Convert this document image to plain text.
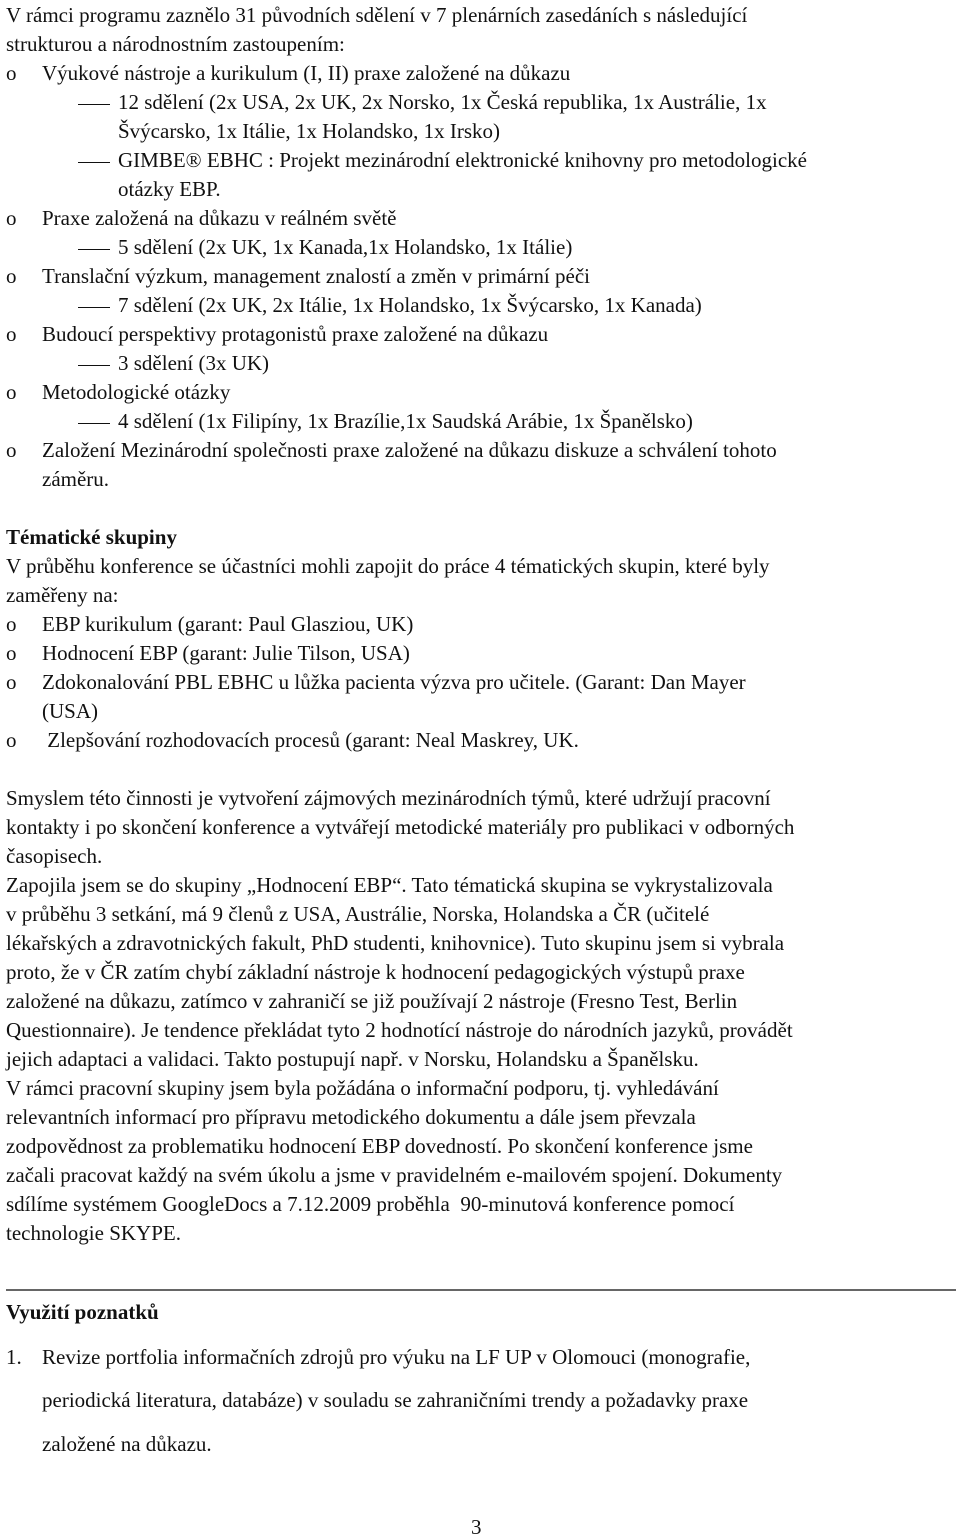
V rámci programu zaznělo 31 původních sdělení v 7 plenárních zasedáních s následující
strukturou a národnostním zastoupením:
o Výukové nástroje a kurikulum (I, II) praxe založené na důkazu
12 sdělení (2x USA, 2x UK, 2x Norsko, 1x Česká republika, 1x Austrálie, 1x
Švýcarsko, 1x Itálie, 1x Holandsko, 1x Irsko)
GIMBE® EBHC : Projekt mezinárodní elektronické knihovny pro metodologické
otázky EBP.
o Praxe založená na důkazu v reálném světě
5 sdělení (2x UK, 1x Kanada,1x Holandsko, 1x Itálie)
o Translační výzkum, management znalostí a změn v primární péči
7 sdělení (2x UK, 2x Itálie, 1x Holandsko, 1x Švýcarsko, 1x Kanada)
o Budoucí perspektivy protagonistů praxe založené na důkazu
3 sdělení (3x UK)
o Metodologické otázky
4 sdělení (1x Filipíny, 1x Brazílie,1x Saudská Arábie, 1x Španělsko)
o Založení Mezinárodní společnosti praxe založené na důkazu diskuze a schválení tohoto
záměru.
Tématické skupiny
V průběhu konference se účastníci mohli zapojit do práce 4 tématických skupin, které byly
zaměřeny na:
o EBP kurikulum (garant: Paul Glasziou, UK)
o Hodnocení EBP (garant: Julie Tilson, USA)
o Zdokonalování PBL EBHC u lůžka pacienta výzva pro učitele. (Garant: Dan Mayer
(USA)
o Zlepšování rozhodovacích procesů (garant: Neal Maskrey, UK.
Smyslem této činnosti je vytvoření zájmových mezinárodních týmů, které udržují pracovní
kontakty i po skončení konference a vytvářejí metodické materiály pro publikaci v odborných
časopisech.
Zapojila jsem se do skupiny „Hodnocení EBP“. Tato tématická skupina se vykrystalizovala
v průběhu 3 setkání, má 9 členů z USA, Austrálie, Norska, Holandska a ČR (učitelé
lékařských a zdravotnických fakult, PhD studenti, knihovnice). Tuto skupinu jsem si vybrala
proto, že v ČR zatím chybí základní nástroje k hodnocení pedagogických výstupů praxe
založené na důkazu, zatímco v zahraničí se již používají 2 nástroje (Fresno Test, Berlin
Questionnaire). Je tendence překládat tyto 2 hodnotící nástroje do národních jazyků, provádět
jejich adaptaci a validaci. Takto postupují např. v Norsku, Holandsku a Španělsku.
V rámci pracovní skupiny jsem byla požádána o informační podporu, tj. vyhledávání
relevantních informací pro přípravu metodického dokumentu a dále jsem převzala
zodpovědnost za problematiku hodnocení EBP dovedností. Po skončení konference jsme
začali pracovat každý na svém úkolu a jsme v pravidelném e-mailovém spojení. Dokumenty
sdílíme systémem GoogleDocs a 7.12.2009 proběhla  90-minutová konference pomocí
technologie SKYPE.
Využití poznatků
1. Revize portfolia informačních zdrojů pro výuku na LF UP v Olomouci (monografie,
periodická literatura, databáze) v souladu se zahraničními trendy a požadavky praxe
založené na důkazu.
3
